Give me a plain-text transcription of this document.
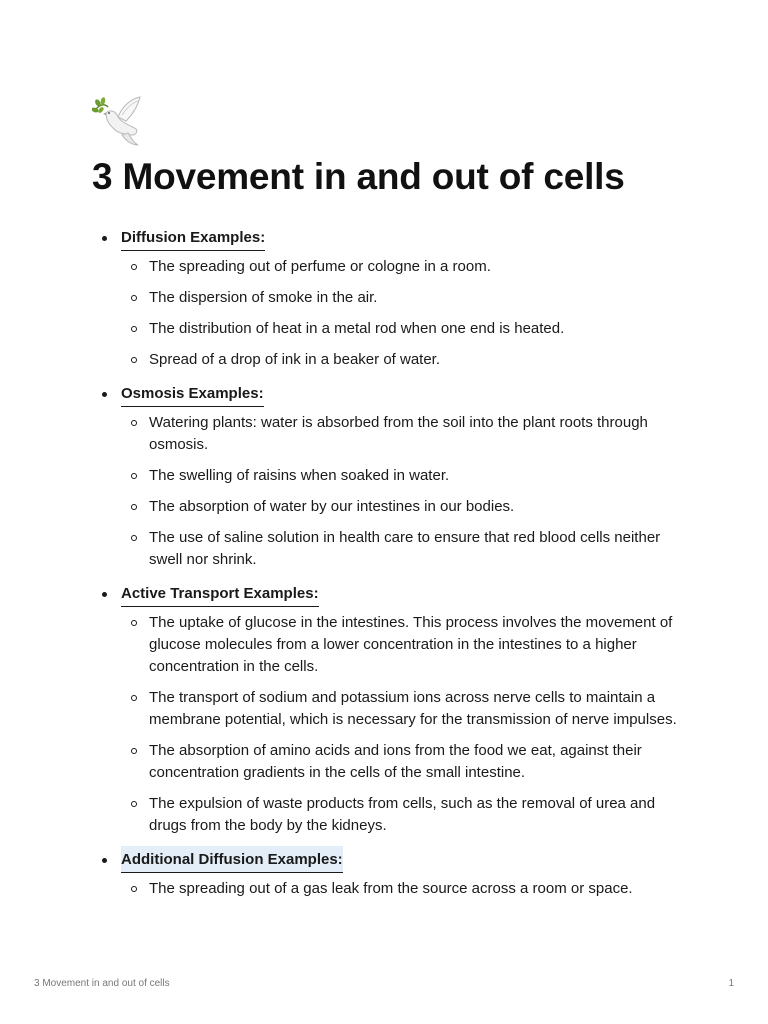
3 Movement in and out of cells
Diffusion Examples:
The spreading out of perfume or cologne in a room.
The dispersion of smoke in the air.
The distribution of heat in a metal rod when one end is heated.
Spread of a drop of ink in a beaker of water.
Osmosis Examples:
Watering plants: water is absorbed from the soil into the plant roots through osmosis.
The swelling of raisins when soaked in water.
The absorption of water by our intestines in our bodies.
The use of saline solution in health care to ensure that red blood cells neither swell nor shrink.
Active Transport Examples:
The uptake of glucose in the intestines. This process involves the movement of glucose molecules from a lower concentration in the intestines to a higher concentration in the cells.
The transport of sodium and potassium ions across nerve cells to maintain a membrane potential, which is necessary for the transmission of nerve impulses.
The absorption of amino acids and ions from the food we eat, against their concentration gradients in the cells of the small intestine.
The expulsion of waste products from cells, such as the removal of urea and drugs from the body by the kidneys.
Additional Diffusion Examples:
The spreading out of a gas leak from the source across a room or space.
3 Movement in and out of cells	1
